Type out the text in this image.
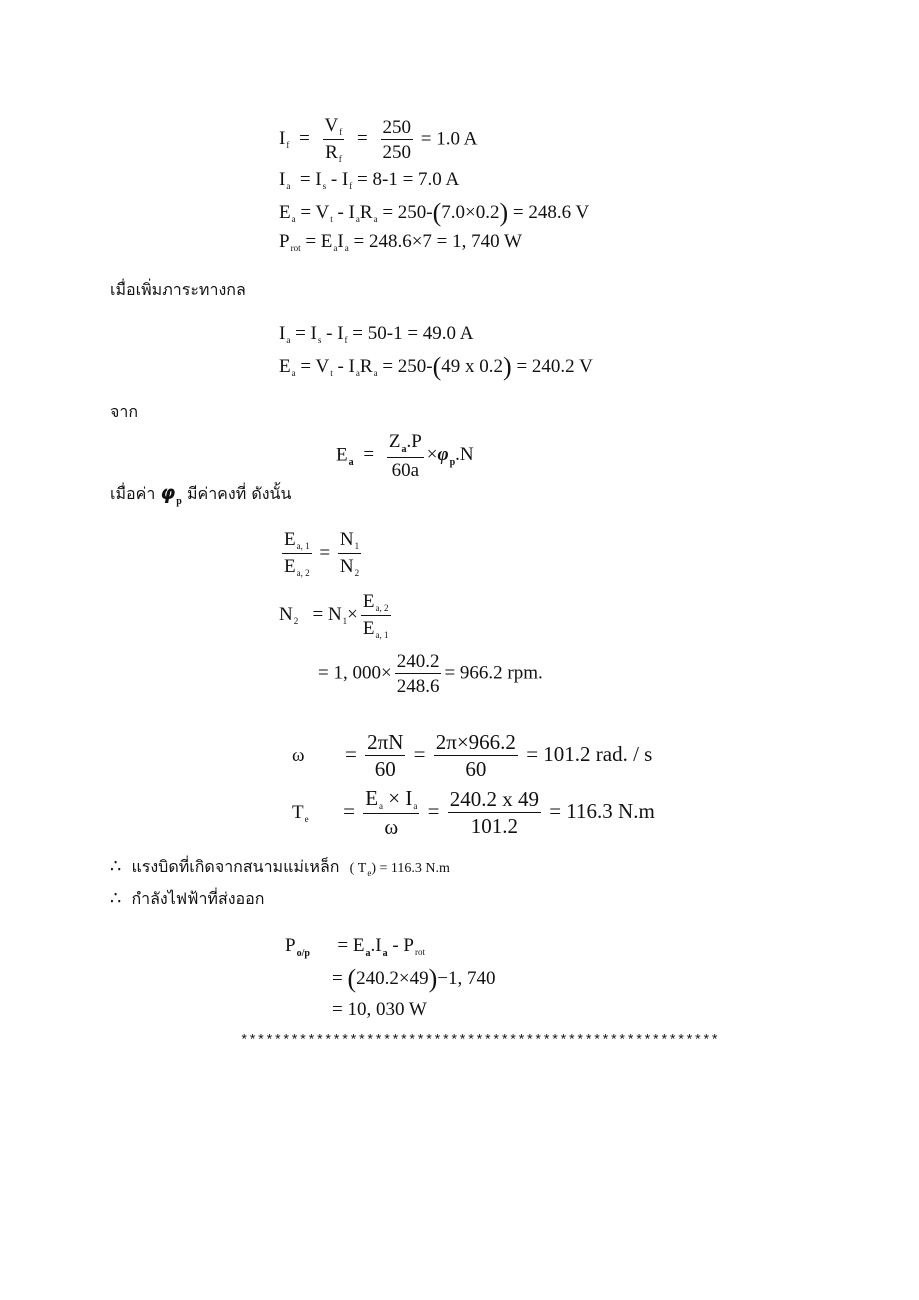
$I_f = \frac{V_f}{R_f} = \frac{250}{250} = 1.0$ A
$I_a = I_s - I_f = 8-1 = 7.0$ A
$E_a = V_t - I_aR_a = 250-(7.0\times 0.2) = 248.6$ V
$P_{rot} = E_aI_a = 248.6\times 7 = 1$, 740 W
เมื่อเพิ่มภาระทางกล
$I_a = I_s - I_f = 50-1 = 49.0$ A
$E_a = V_t - I_aR_a = 250-(49$ x 0.2) = 240.2 V
จาก
$E_a = \frac{Z_a.P}{60a} \times\varphi_p.N$
เมื่อค่า $\varphi_p$ มีค่าคงที่ ดังนั้น
$\frac{E_{a, 1}}{E_{a, 2}} = \frac{N_1}{N_2}$
$N_2 = N_1\times \frac{E_{a, 2}}{E_{a, 1}}$
= 1, $000\times \frac{240.2}{248.6} = 966.2$ rpm.
$\omega = \frac{2\pi N}{60} = \frac{2\pi\times 966.2}{60} = 101.2$ rad. / s
$T_e = \frac{E_a \times I_a}{\omega} = \frac{240.2 x 49}{101.2} = 116.3$ N.m
∴ แรงบิดที่เกิดจากสนามแม่เหล็ก ( $T_e) = 116.3$ N.m
∴ กำลังไฟฟ้าที่ส่งออก
$P_{o/p} = E_a.I_a - P_{rot}$
= (240.2×49)−1, 740
= 10, 030 W
*********************************************************
